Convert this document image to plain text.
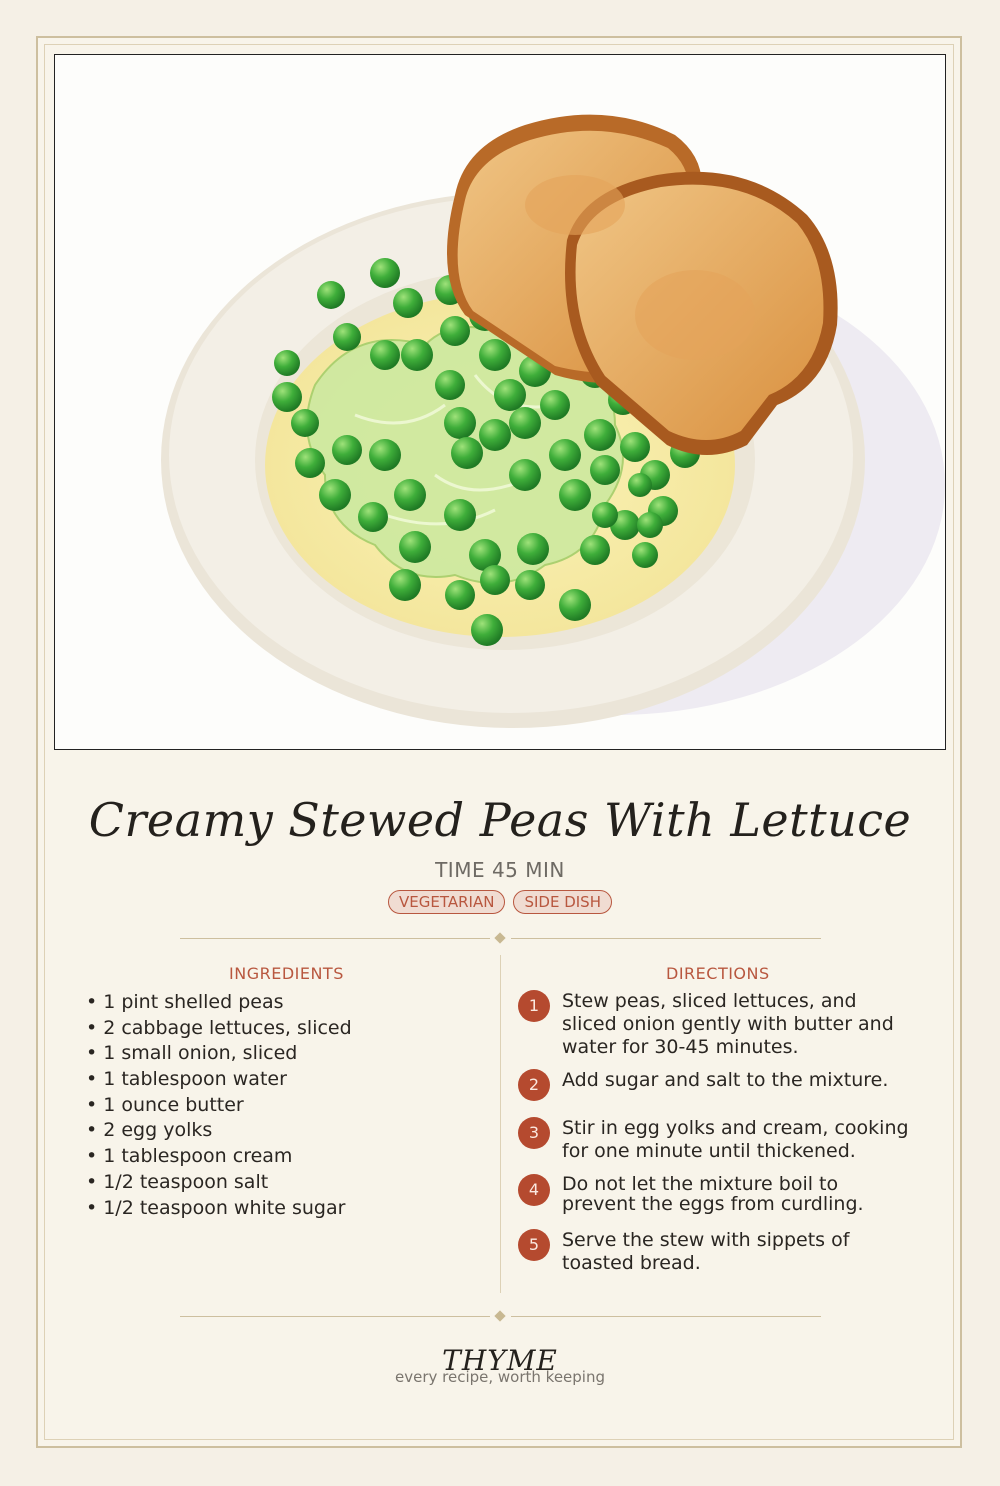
Creamy Stewed Peas With Lettuce
TIME 45 MIN
VEGETARIAN	SIDE DISH
INGREDIENTS
• 1 pint shelled peas
• 2 cabbage lettuces, sliced
• 1 small onion, sliced
• 1 tablespoon water
• 1 ounce butter
• 2 egg yolks
• 1 tablespoon cream
• 1/2 teaspoon salt
• 1/2 teaspoon white sugar
DIRECTIONS
1	Stew peas, sliced lettuces, and sliced onion gently with butter and water for 30-45 minutes.
2	Add sugar and salt to the mixture.
3	Stir in egg yolks and cream, cooking for one minute until thickened.
4	Do not let the mixture boil to prevent the eggs from curdling.
5	Serve the stew with sippets of toasted bread.
THYME
every recipe, worth keeping
